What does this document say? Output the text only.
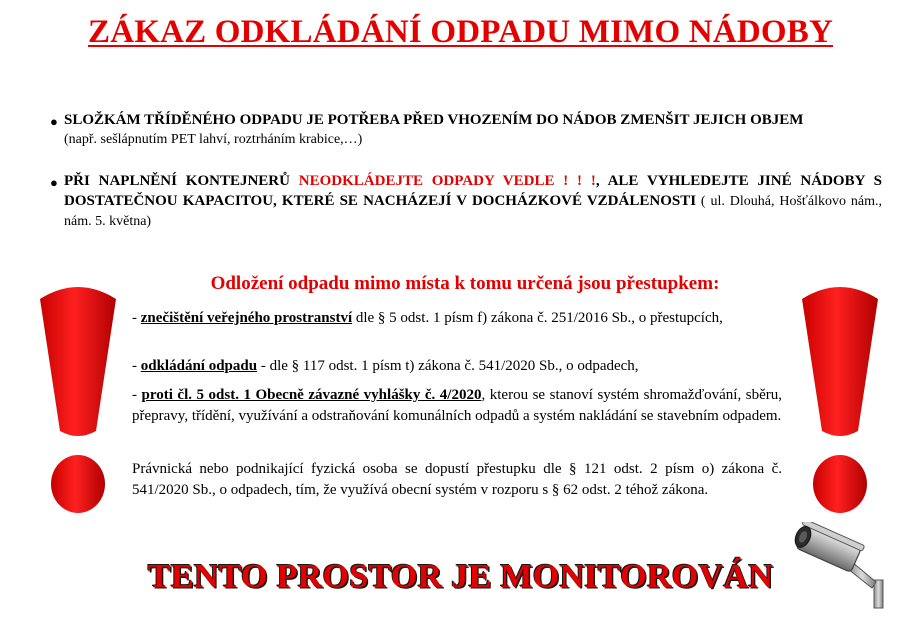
ZÁKAZ ODKLÁDÁNÍ ODPADU MIMO NÁDOBY
● SLOŽKÁM TŘÍDĚNÉHO ODPADU JE POTŘEBA PŘED VHOZENÍM DO NÁDOB ZMENŠIT JEJICH OBJEM
(např. sešlápnutím PET lahví, roztrháním krabice,…)
● PŘI NAPLNĚNÍ KONTEJNERŮ NEODKLÁDEJTE ODPADY VEDLE ! ! !, ALE VYHLEDEJTE JINÉ NÁDOBY S DOSTATEČNOU KAPACITOU, KTERÉ SE NACHÁZEJÍ V DOCHÁZKOVÉ VZDÁLENOSTI ( ul. Dlouhá, Hošťálkovo nám., nám. 5. května)
Odložení odpadu mimo místa k tomu určená jsou přestupkem:
- znečištění veřejného prostranství dle § 5 odst. 1 písm f) zákona č. 251/2016 Sb., o přestupcích,
- odkládání odpadu - dle § 117 odst. 1 písm t) zákona č. 541/2020 Sb., o odpadech,
- proti čl. 5 odst. 1 Obecně závazné vyhlášky č. 4/2020, kterou se stanoví systém shromažďování, sběru, přepravy, třídění, využívání a odstraňování komunálních odpadů a systém nakládání se stavebním odpadem.
Právnická nebo podnikající fyzická osoba se dopustí přestupku dle § 121 odst. 2 písm o) zákona č. 541/2020 Sb., o odpadech, tím, že využívá obecní systém v rozporu s § 62 odst. 2 téhož zákona.
TENTO PROSTOR JE MONITOROVÁN
